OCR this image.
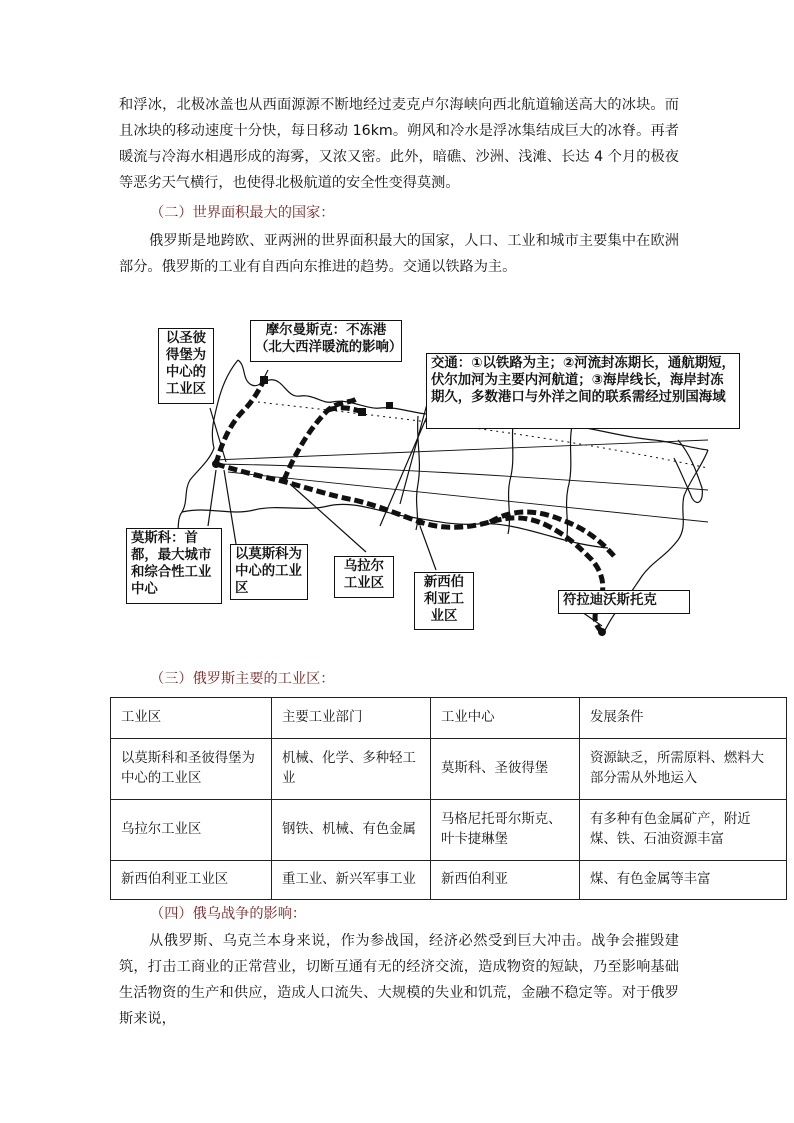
和浮冰，北极冰盖也从西面源源不断地经过麦克卢尔海峡向西北航道输送高大的冰块。而且冰块的移动速度十分快，每日移动 16km。朔风和冷水是浮冰集结成巨大的冰脊。再者暖流与冷海水相遇形成的海雾，又浓又密。此外，暗礁、沙洲、浅滩、长达 4 个月的极夜等恶劣天气横行，也使得北极航道的安全性变得莫测。
（二）世界面积最大的国家：
俄罗斯是地跨欧、亚两洲的世界面积最大的国家，人口、工业和城市主要集中在欧洲部分。俄罗斯的工业有自西向东推进的趋势。交通以铁路为主。
以圣彼得堡为中心的工业区
摩尔曼斯克：不冻港（北大西洋暖流的影响）
交通：①以铁路为主；②河流封冻期长，通航期短，伏尔加河为主要内河航道；③海岸线长，海岸封冻期久，多数港口与外洋之间的联系需经过别国海域
莫斯科：首都，最大城市和综合性工业中心
以莫斯科为中心的工业区
乌拉尔工业区	新西伯利亚工业区
符拉迪沃斯托克
（三）俄罗斯主要的工业区：
工业区	主要工业部门	工业中心	发展条件
以莫斯科和圣彼得堡为中心的工业区	机械、化学、多种轻工业	莫斯科、圣彼得堡	资源缺乏，所需原料、燃料大部分需从外地运入
乌拉尔工业区	钢铁、机械、有色金属	马格尼托哥尔斯克、叶卡捷琳堡	有多种有色金属矿产，附近煤、铁、石油资源丰富
新西伯利亚工业区	重工业、新兴军事工业	新西伯利亚	煤、有色金属等丰富
（四）俄乌战争的影响：
从俄罗斯、乌克兰本身来说，作为参战国，经济必然受到巨大冲击。战争会摧毁建筑，打击工商业的正常营业，切断互通有无的经济交流，造成物资的短缺，乃至影响基础生活物资的生产和供应，造成人口流失、大规模的失业和饥荒，金融不稳定等。对于俄罗斯来说，
